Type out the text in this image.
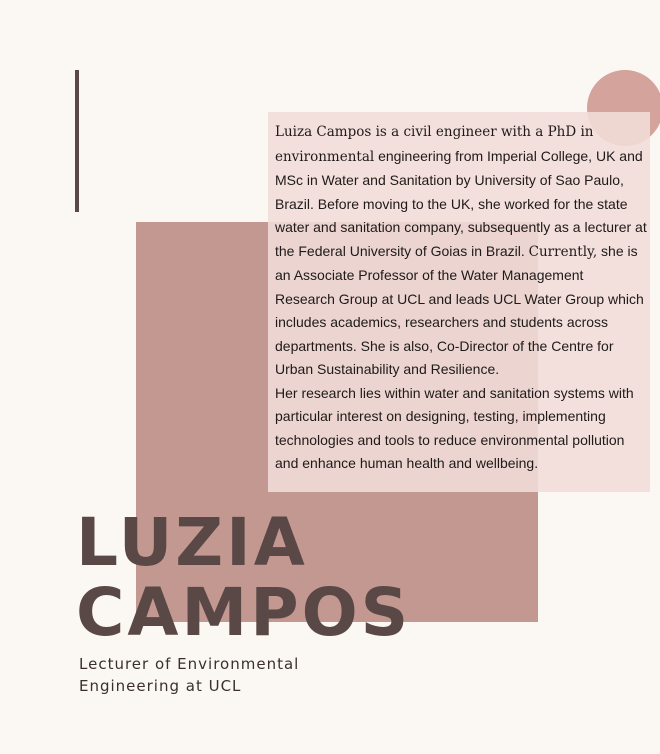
Luiza Campos is a civil engineer with a PhD in environmental engineering from Imperial College, UK and MSc in Water and Sanitation by University of Sao Paulo, Brazil. Before moving to the UK, she worked for the state water and sanitation company, subsequently as a lecturer at the Federal University of Goias in Brazil. Currently, she is an Associate Professor of the Water Management Research Group at UCL and leads UCL Water Group which includes academics, researchers and students across departments. She is also, Co-Director of the Centre for Urban Sustainability and Resilience.
Her research lies within water and sanitation systems with particular interest on designing, testing, implementing technologies and tools to reduce environmental pollution and enhance human health and wellbeing.

LUZIA
CAMPOS

Lecturer of Environmental
Engineering at UCL
